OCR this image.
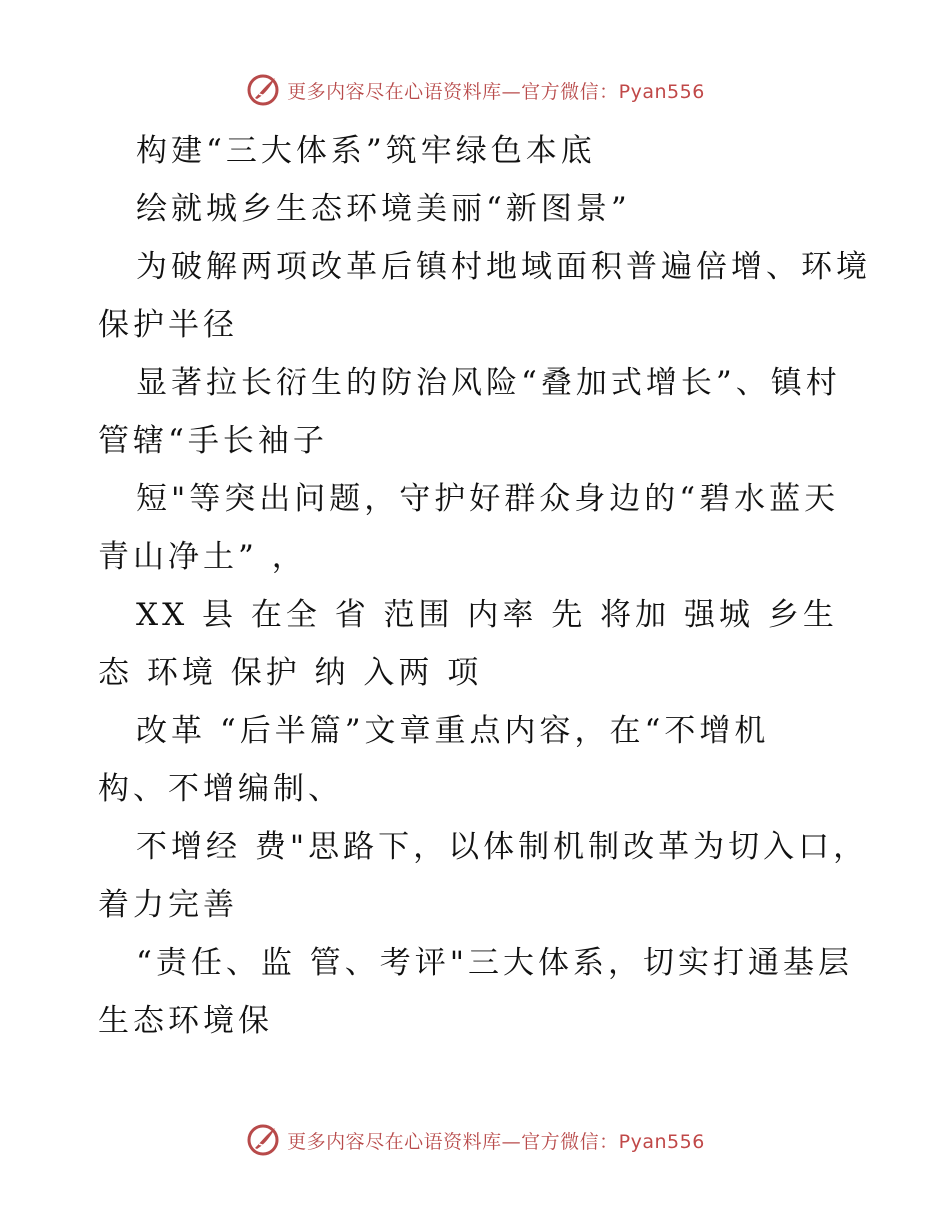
更多内容尽在心语资料库—官方微信：Pyan556
构建“三大体系”筑牢绿色本底
绘就城乡生态环境美丽“新图景”
为破解两项改革后镇村地域面积普遍倍增、环境
保护半径
显著拉长衍生的防治风险“叠加式增长”、镇村
管辖“手长袖子
短"等突出问题，守护好群众身边的“碧水蓝天
青山净土” ，
XX 县 在全 省 范围 内率 先 将加 强城 乡生
态 环境 保护 纳 入两 项
改革 “后半篇”文章重点内容，在“不增机
构、不增编制、
不增经 费"思路下，以体制机制改革为切入口，
着力完善
“责任、监 管、考评"三大体系，切实打通基层
生态环境保
更多内容尽在心语资料库—官方微信：Pyan556
